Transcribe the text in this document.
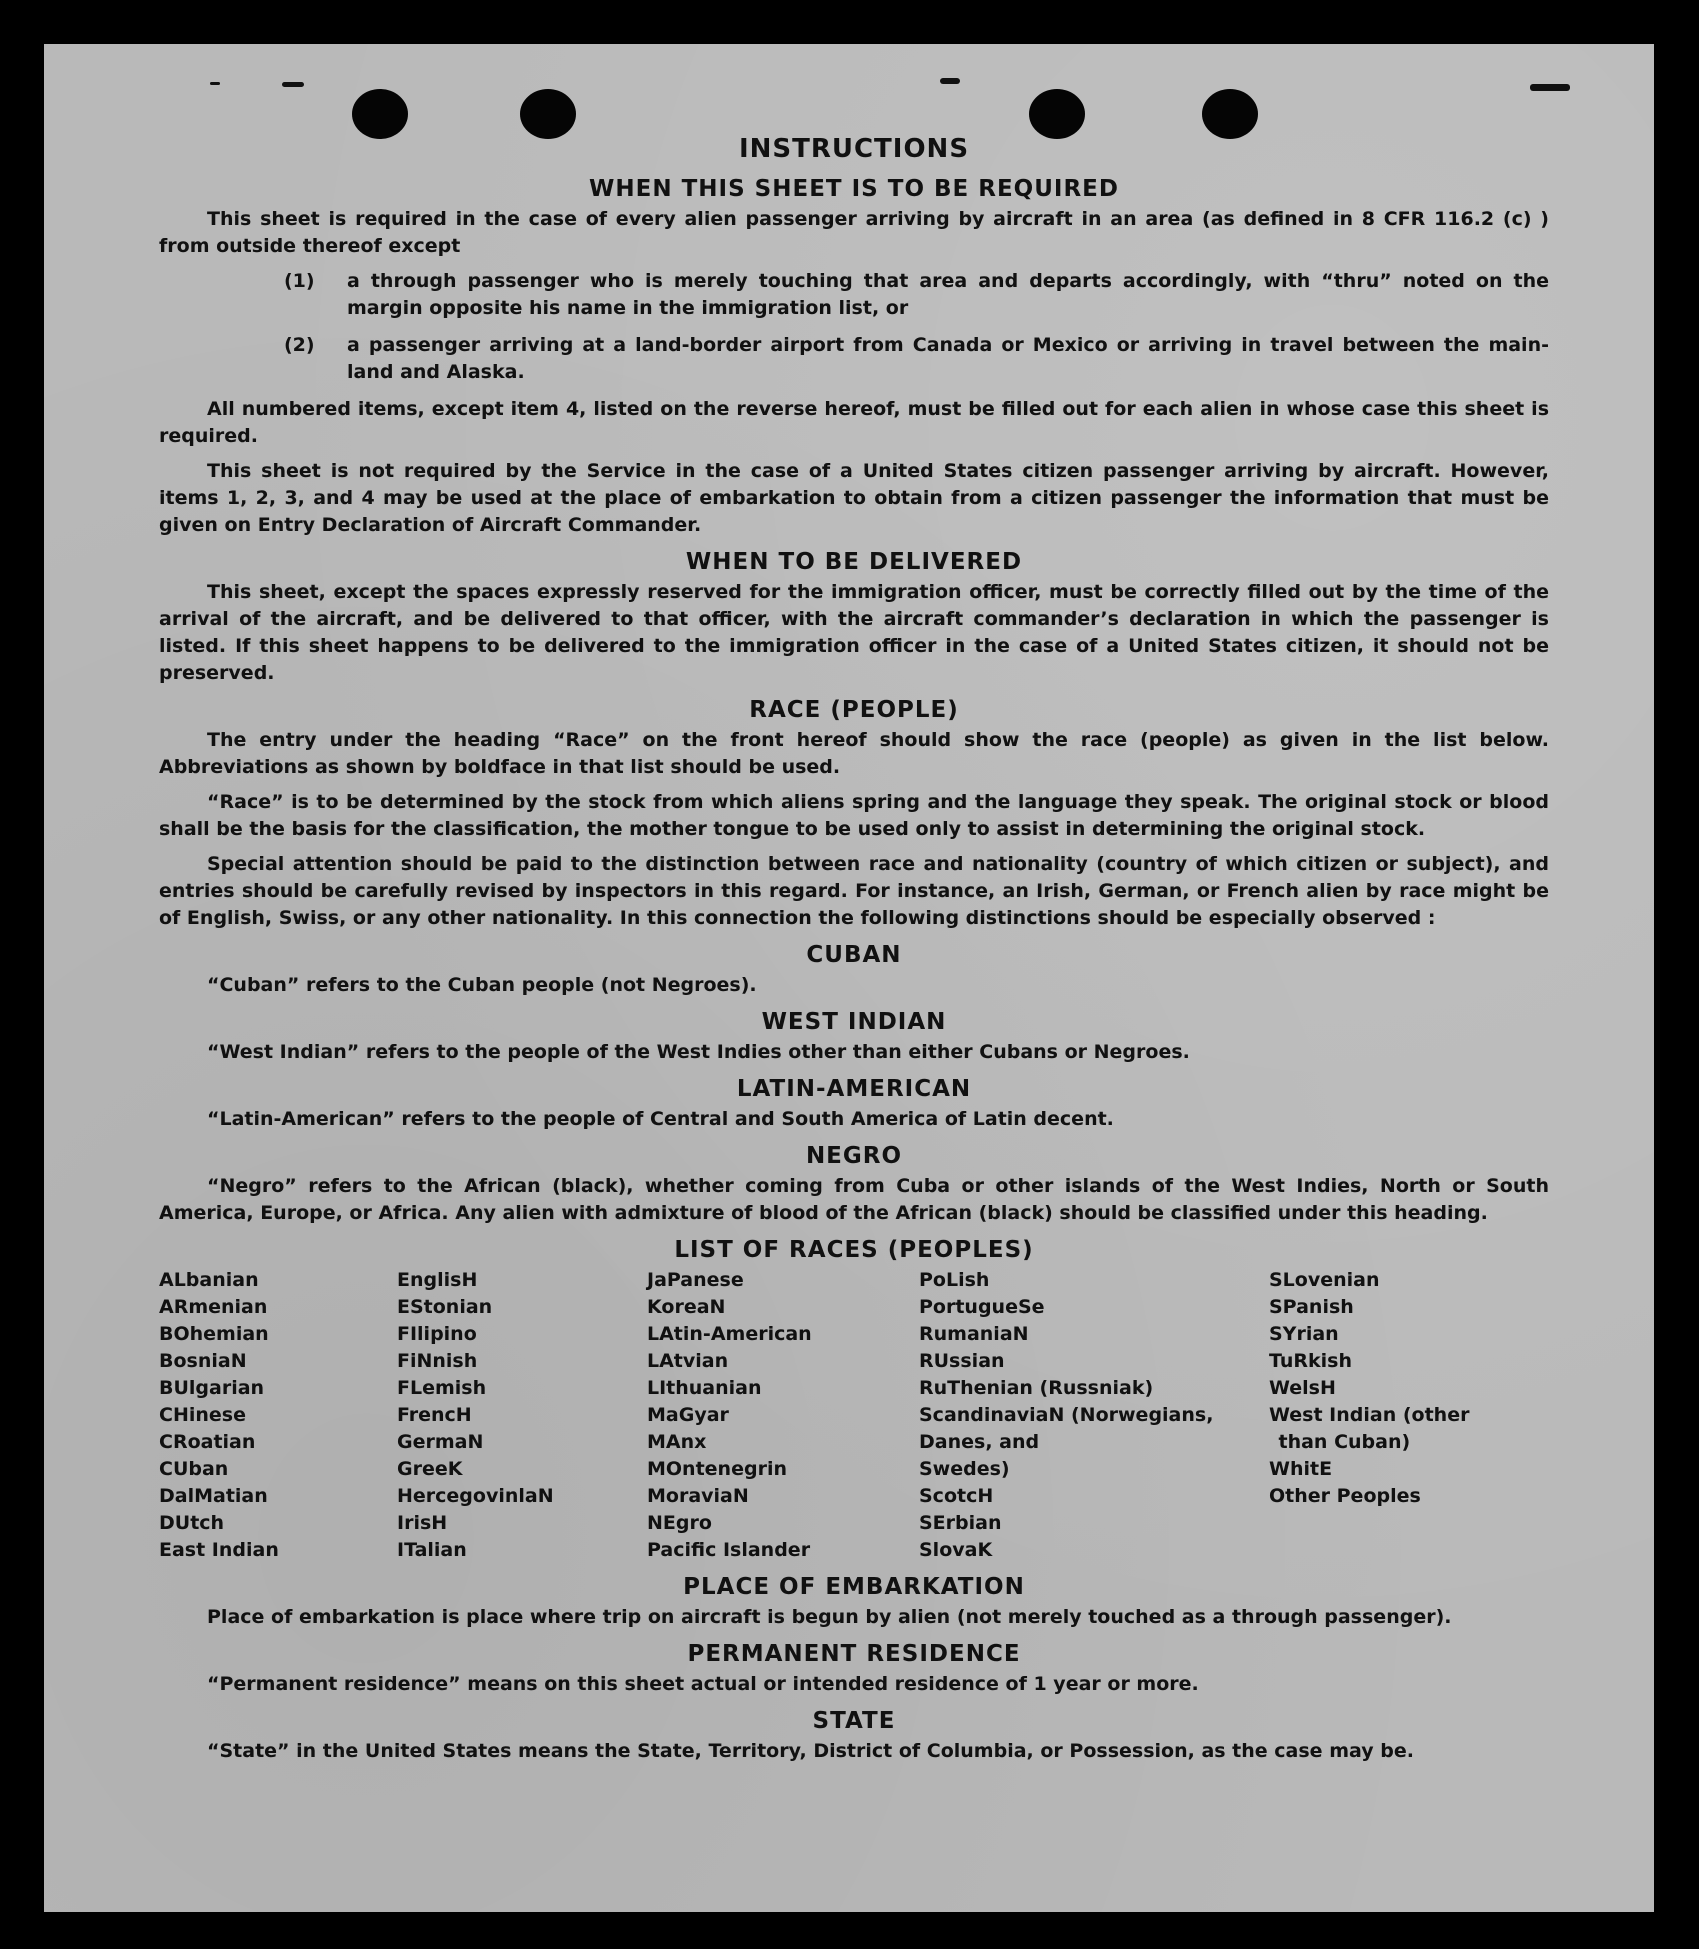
INSTRUCTIONS
WHEN THIS SHEET IS TO BE REQUIRED

This sheet is required in the case of every alien passenger arriving by aircraft in an area (as defined in 8 CFR 116.2 (c) ) from outside thereof except

(1)	a through passenger who is merely touching that area and departs accordingly, with “thru” noted on the margin opposite his name in the immigration list, or
(2)	a passenger arriving at a land-border airport from Canada or Mexico or arriving in travel between the main-land and Alaska.

All numbered items, except item 4, listed on the reverse hereof, must be filled out for each alien in whose case this sheet is required.

This sheet is not required by the Service in the case of a United States citizen passenger arriving by aircraft. However, items 1, 2, 3, and 4 may be used at the place of embarkation to obtain from a citizen passenger the information that must be given on Entry Declaration of Aircraft Commander.

WHEN TO BE DELIVERED

This sheet, except the spaces expressly reserved for the immigration officer, must be correctly filled out by the time of the arrival of the aircraft, and be delivered to that officer, with the aircraft commander’s declaration in which the passenger is listed. If this sheet happens to be delivered to the immigration officer in the case of a United States citizen, it should not be preserved.

RACE (PEOPLE)

The entry under the heading “Race” on the front hereof should show the race (people) as given in the list below. Abbreviations as shown by boldface in that list should be used.

“Race” is to be determined by the stock from which aliens spring and the language they speak. The original stock or blood shall be the basis for the classification, the mother tongue to be used only to assist in determining the original stock.

Special attention should be paid to the distinction between race and nationality (country of which citizen or subject), and entries should be carefully revised by inspectors in this regard. For instance, an Irish, German, or French alien by race might be of English, Swiss, or any other nationality. In this connection the following distinctions should be especially observed :

CUBAN

“Cuban” refers to the Cuban people (not Negroes).

WEST INDIAN

“West Indian” refers to the people of the West Indies other than either Cubans or Negroes.

LATIN-AMERICAN

“Latin-American” refers to the people of Central and South America of Latin decent.

NEGRO

“Negro” refers to the African (black), whether coming from Cuba or other islands of the West Indies, North or South America, Europe, or Africa. Any alien with admixture of blood of the African (black) should be classified under this heading.

LIST OF RACES (PEOPLES)
ALbanian
ARmenian
BOhemian
BosniaN
BUlgarian
CHinese
CRoatian
CUban
DalMatian
DUtch
East Indian
EnglisH
EStonian
FIlipino
FiNnish
FLemish
FrencH
GermaN
GreeK
HercegovinlaN
IrisH
ITalian
JaPanese
KoreaN
LAtin-American
LAtvian
LIthuanian
MaGyar
MAnx
MOntenegrin
MoraviaN
NEgro
Pacific Islander
PoLish
PortugueSe
RumaniaN
RUssian
RuThenian (Russniak)
ScandinaviaN (Norwegians,
Danes, and
Swedes)
ScotcH
SErbian
SlovaK
SLovenian
SPanish
SYrian
TuRkish
WelsH
West Indian (other
 than Cuban)
WhitE
Other Peoples
PLACE OF EMBARKATION

Place of embarkation is place where trip on aircraft is begun by alien (not merely touched as a through passenger).

PERMANENT RESIDENCE

“Permanent residence” means on this sheet actual or intended residence of 1 year or more.

STATE

“State” in the United States means the State, Territory, District of Columbia, or Possession, as the case may be.
